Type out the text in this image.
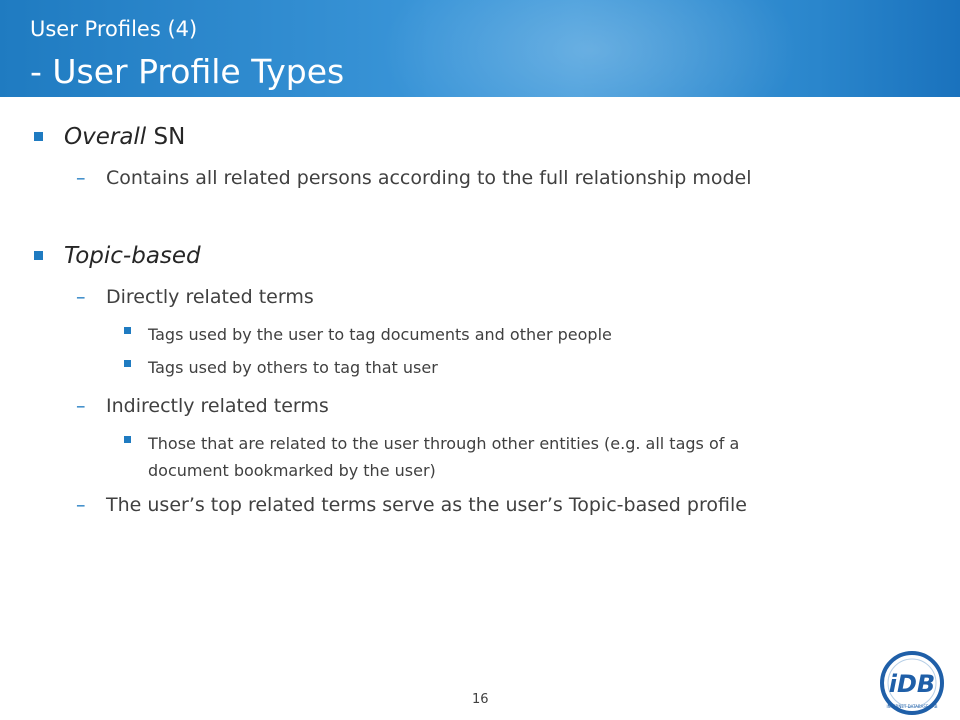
User Profiles (4)
- User Profile Types
Overall SN
– Contains all related persons according to the full relationship model
Topic-based
– Directly related terms
Tags used by the user to tag documents and other people
Tags used by others to tag that user
– Indirectly related terms
Those that are related to the user through other entities (e.g. all tags of a
document bookmarked by the user)
– The user’s top related terms serve as the user’s Topic-based profile
16
iDB
INTERNET DATABASE LAB
